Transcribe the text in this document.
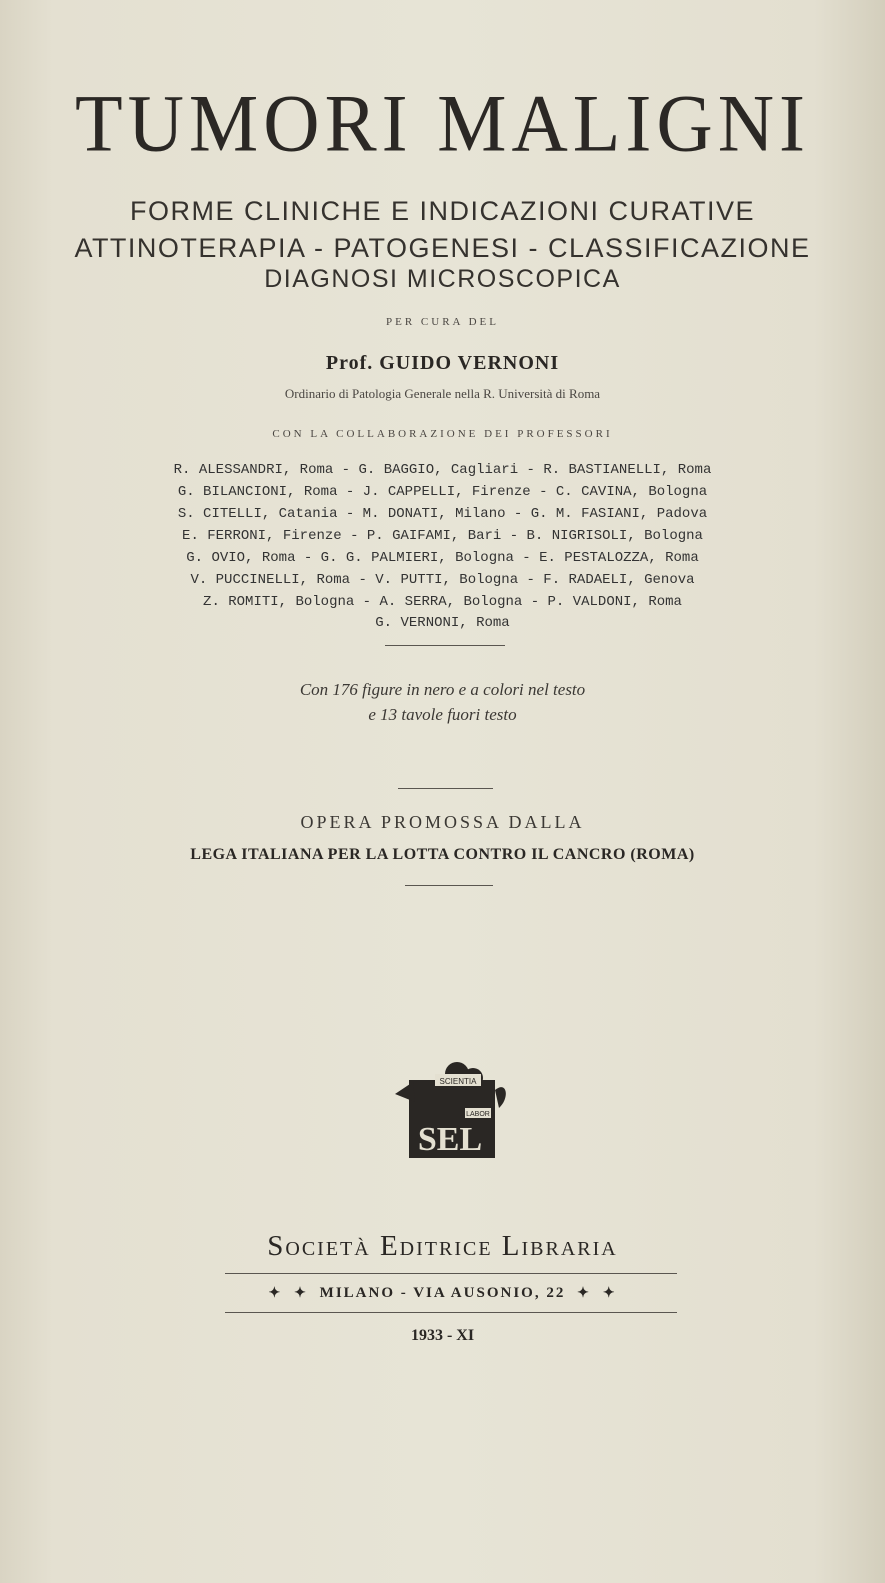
TUMORI MALIGNI
FORME CLINICHE E INDICAZIONI CURATIVE
ATTINOTERAPIA - PATOGENESI - CLASSIFICAZIONE
DIAGNOSI MICROSCOPICA
PER CURA DEL
Prof. GUIDO VERNONI
Ordinario di Patologia Generale nella R. Università di Roma
CON LA COLLABORAZIONE DEI PROFESSORI
R. ALESSANDRI, Roma - G. BAGGIO, Cagliari - R. BASTIANELLI, Roma
G. BILANCIONI, Roma - J. CAPPELLI, Firenze - C. CAVINA, Bologna
S. CITELLI, Catania - M. DONATI, Milano - G. M. FASIANI, Padova
E. FERRONI, Firenze - P. GAIFAMI, Bari - B. NIGRISOLI, Bologna
G. OVIO, Roma - G. G. PALMIERI, Bologna - E. PESTALOZZA, Roma
V. PUCCINELLI, Roma - V. PUTTI, Bologna - F. RADAELI, Genova
Z. ROMITI, Bologna - A. SERRA, Bologna - P. VALDONI, Roma
G. VERNONI, Roma
Con 176 figure in nero e a colori nel testo
e 13 tavole fuori testo
OPERA PROMOSSA DALLA
LEGA ITALIANA PER LA LOTTA CONTRO IL CANCRO (ROMA)
SCIENTIA
LABOR
SEL
Società Editrice Libraria
✦ ✦ MILANO - VIA AUSONIO, 22 ✦ ✦
1933 - XI
